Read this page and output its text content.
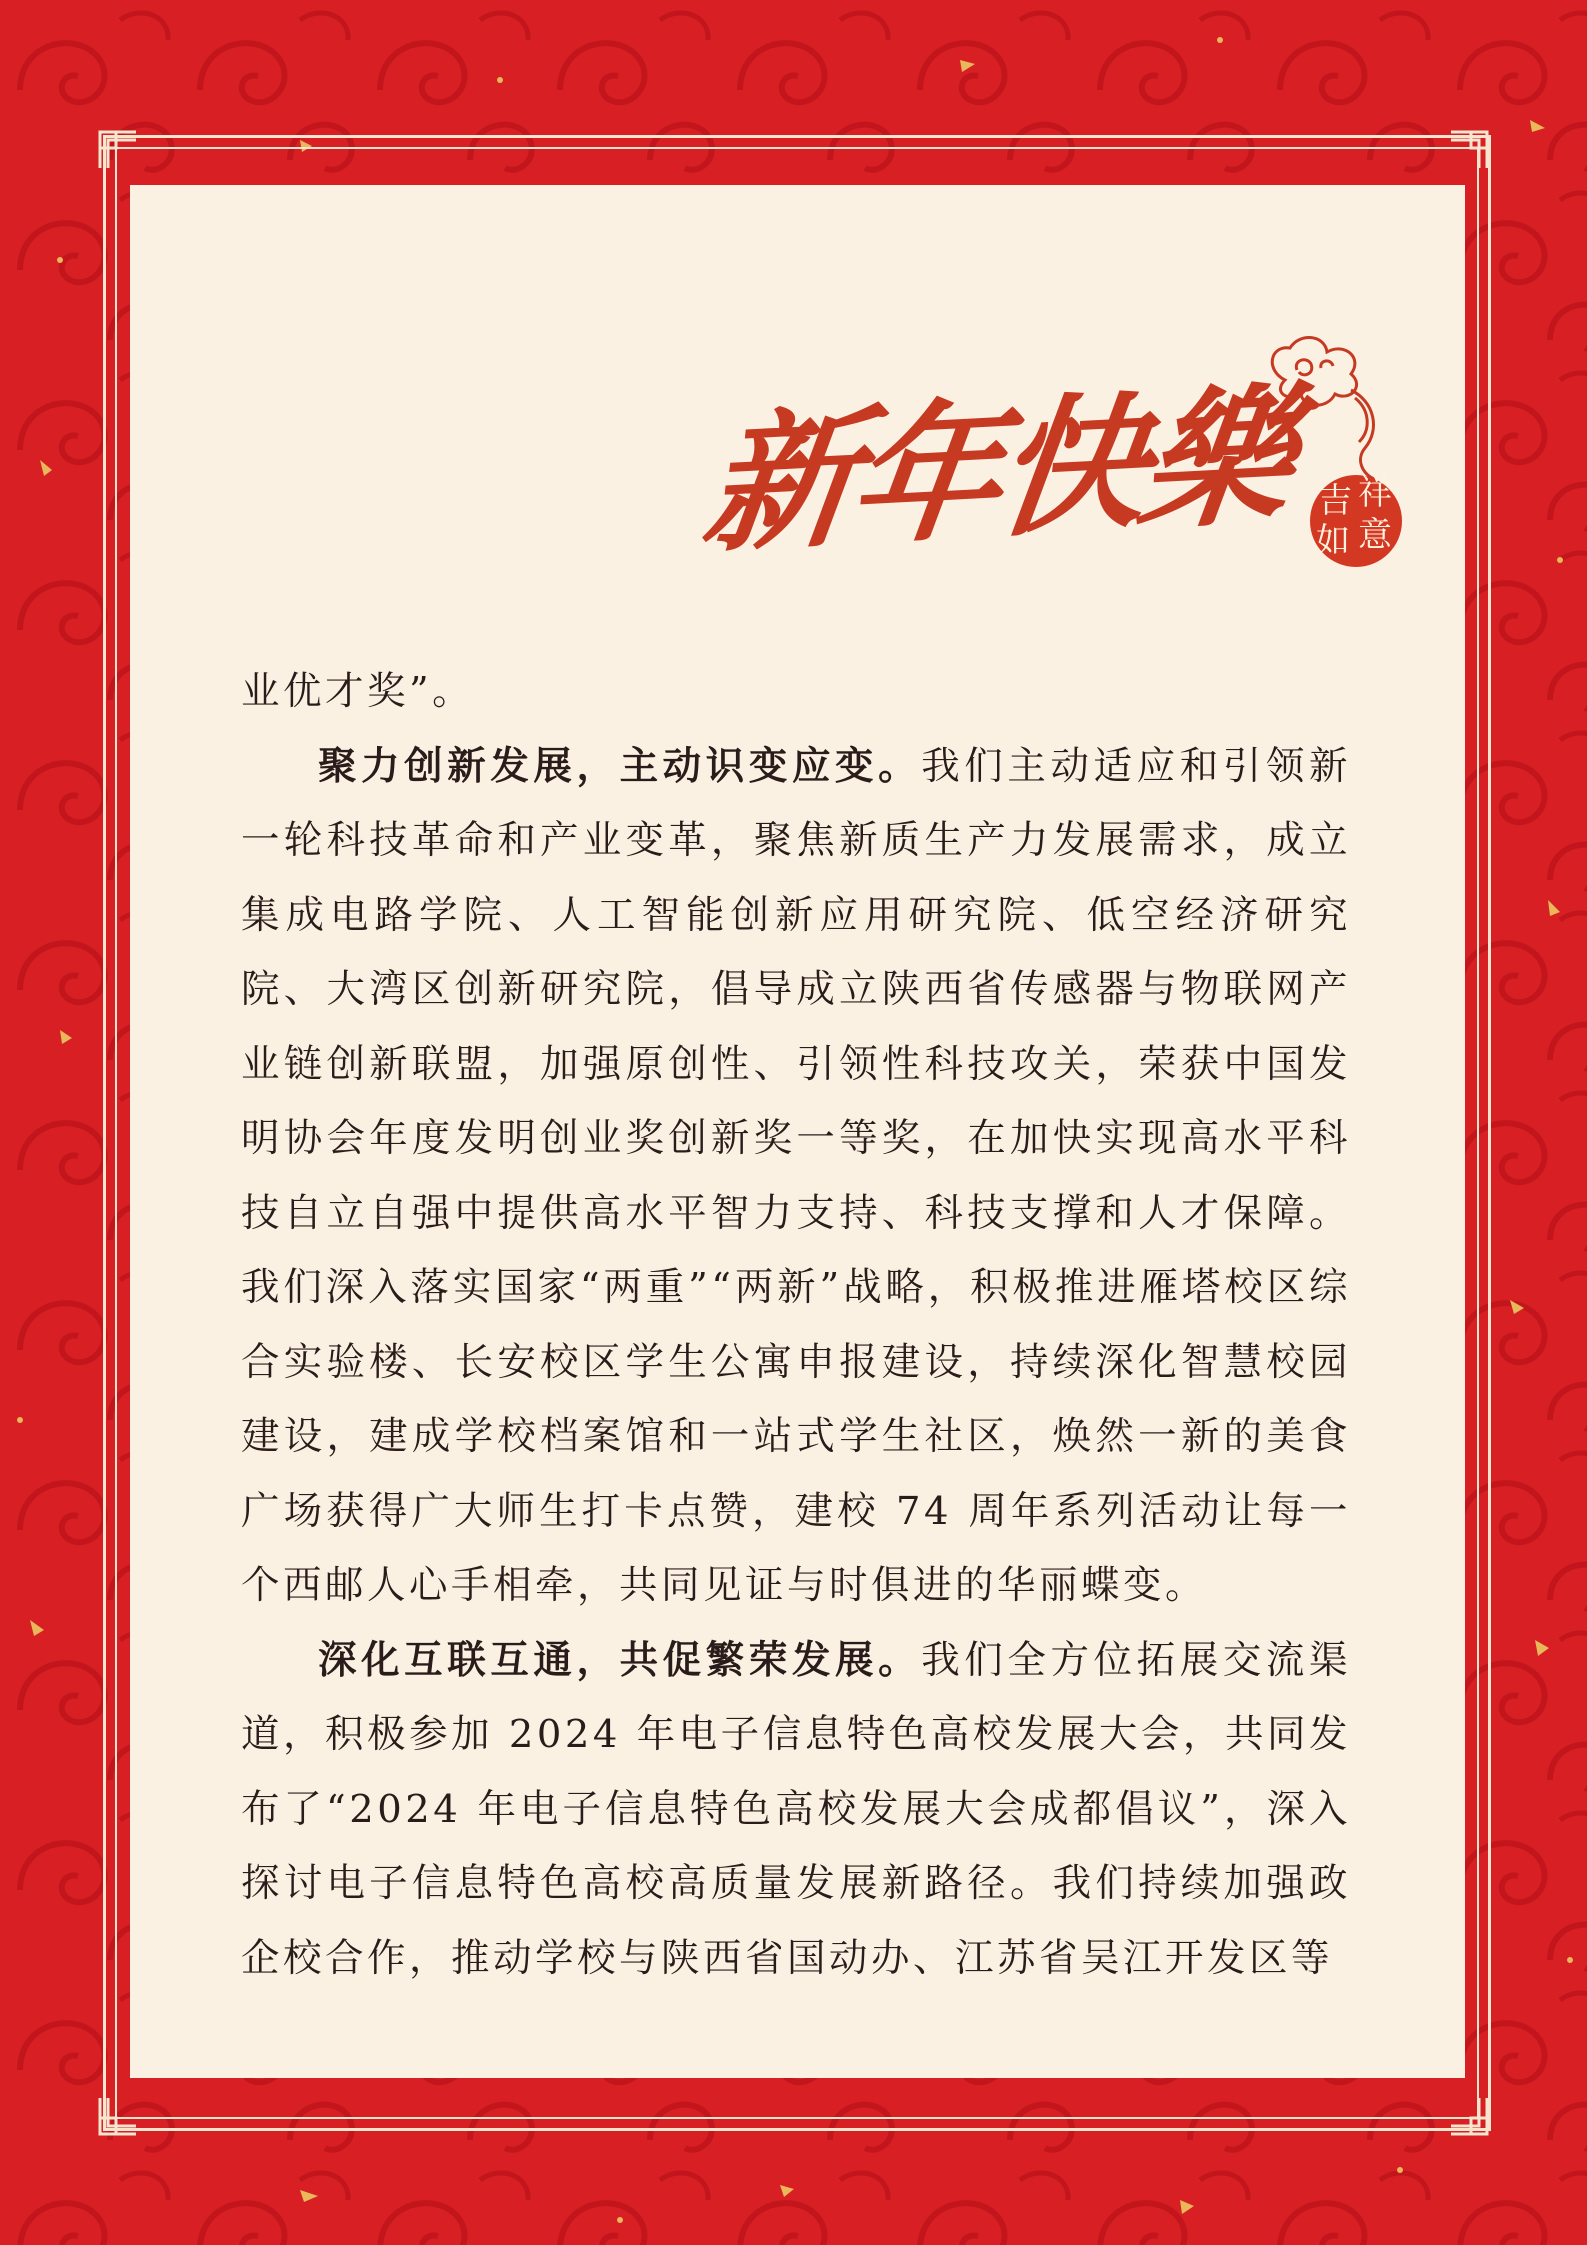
新年快樂 吉 祥
如 意

业优才奖”。

聚力创新发展，主动识变应变。我们主动适应和引领新一轮科技革命和产业变革，聚焦新质生产力发展需求，成立集成电路学院、人工智能创新应用研究院、低空经济研究院、大湾区创新研究院，倡导成立陕西省传感器与物联网产业链创新联盟，加强原创性、引领性科技攻关，荣获中国发明协会年度发明创业奖创新奖一等奖，在加快实现高水平科技自立自强中提供高水平智力支持、科技支撑和人才保障。我们深入落实国家“两重”“两新”战略，积极推进雁塔校区综合实验楼、长安校区学生公寓申报建设，持续深化智慧校园建设，建成学校档案馆和一站式学生社区，焕然一新的美食广场获得广大师生打卡点赞，建校 74 周年系列活动让每一个西邮人心手相牵，共同见证与时俱进的华丽蝶变。

深化互联互通，共促繁荣发展。我们全方位拓展交流渠道，积极参加 2024 年电子信息特色高校发展大会，共同发布了“2024 年电子信息特色高校发展大会成都倡议”，深入探讨电子信息特色高校高质量发展新路径。我们持续加强政企校合作，推动学校与陕西省国动办、江苏省吴江开发区等
